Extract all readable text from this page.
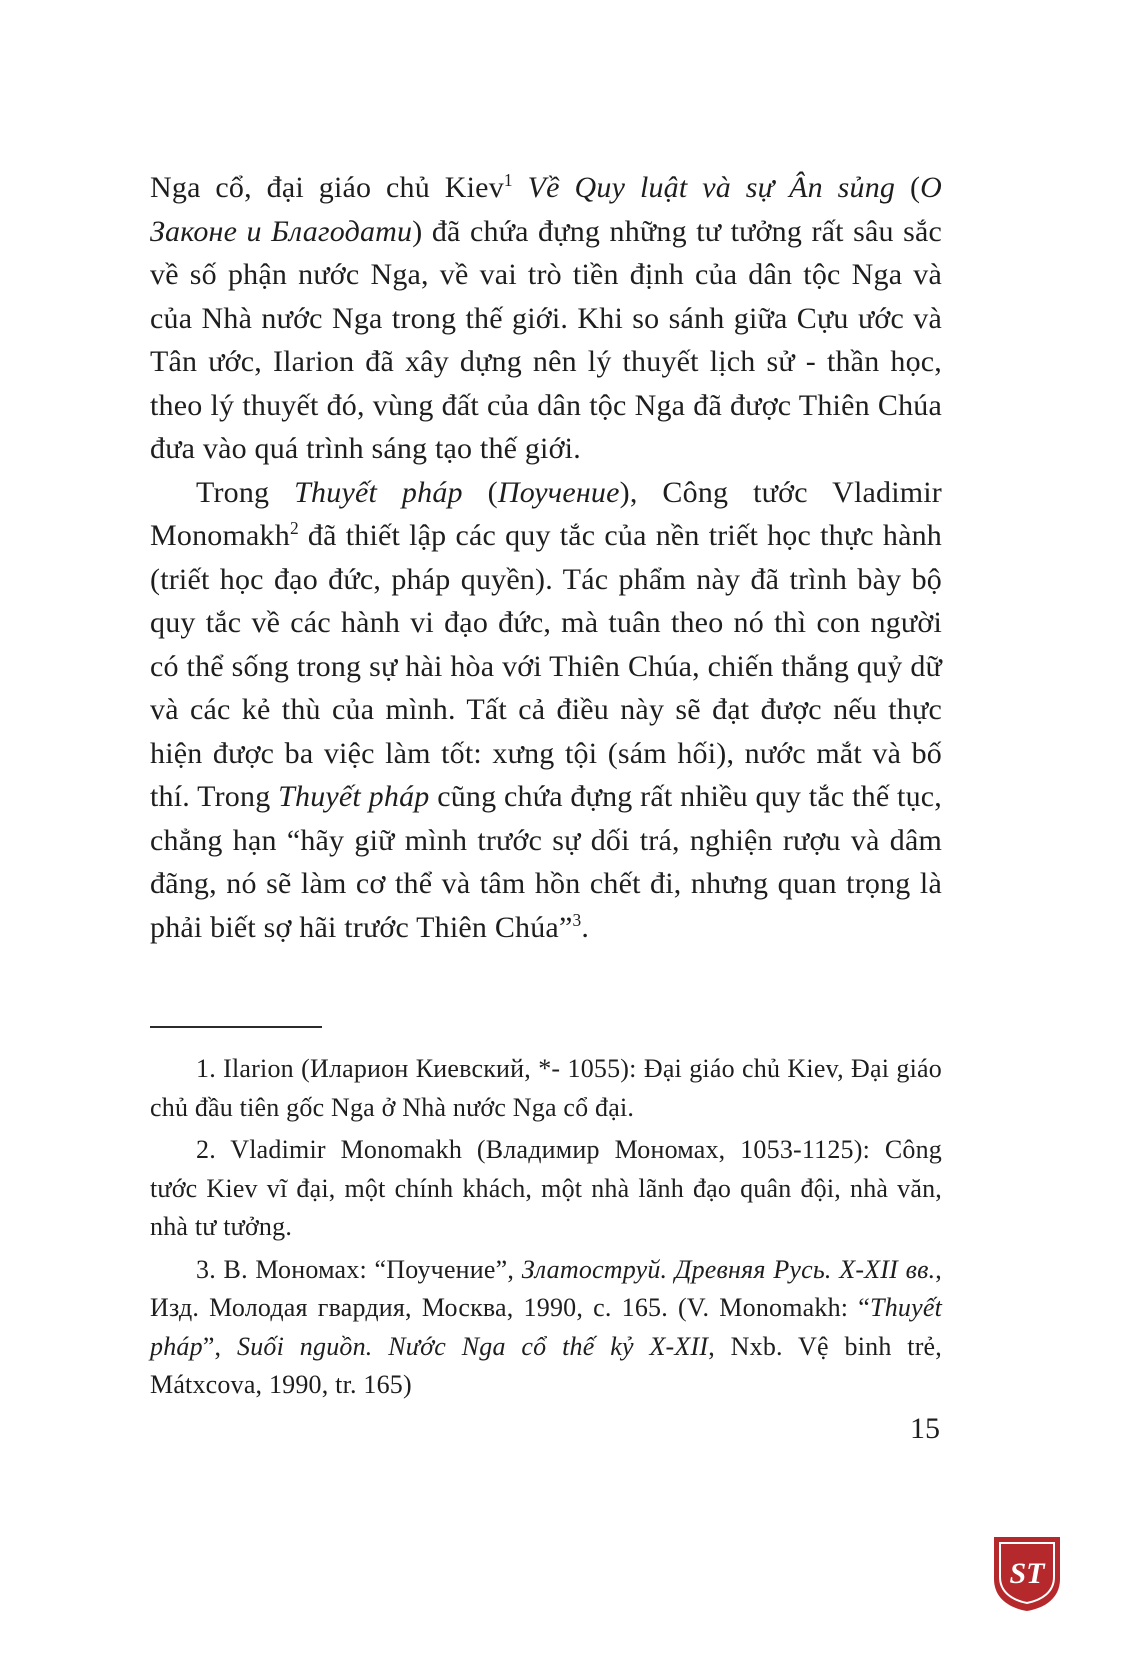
Nga cổ, đại giáo chủ Kiev$^1$ Về Quy luật và sự Ân sủng (О Законе и Благодати) đã chứa đựng những tư tưởng rất sâu sắc về số phận nước Nga, về vai trò tiền định của dân tộc Nga và của Nhà nước Nga trong thế giới. Khi so sánh giữa Cựu ước và Tân ước, Ilarion đã xây dựng nên lý thuyết lịch sử - thần học, theo lý thuyết đó, vùng đất của dân tộc Nga đã được Thiên Chúa đưa vào quá trình sáng tạo thế giới.

Trong Thuyết pháp (Поучение), Công tước Vladimir Monomakh$^2$ đã thiết lập các quy tắc của nền triết học thực hành (triết học đạo đức, pháp quyền). Tác phẩm này đã trình bày bộ quy tắc về các hành vi đạo đức, mà tuân theo nó thì con người có thể sống trong sự hài hòa với Thiên Chúa, chiến thắng quỷ dữ và các kẻ thù của mình. Tất cả điều này sẽ đạt được nếu thực hiện được ba việc làm tốt: xưng tội (sám hối), nước mắt và bố thí. Trong Thuyết pháp cũng chứa đựng rất nhiều quy tắc thế tục, chẳng hạn “hãy giữ mình trước sự dối trá, nghiện rượu và dâm đãng, nó sẽ làm cơ thể và tâm hồn chết đi, nhưng quan trọng là phải biết sợ hãi trước Thiên Chúa”$^3$.

1. Ilarion (Иларион Киевский, *- 1055): Đại giáo chủ Kiev, Đại giáo chủ đầu tiên gốc Nga ở Nhà nước Nga cổ đại.

2. Vladimir Monomakh (Владимир Мономах, 1053-1125): Công tước Kiev vĩ đại, một chính khách, một nhà lãnh đạo quân đội, nhà văn, nhà tư tưởng.

3. В. Мономах: “Поучение”, Златоструй. Древняя Русь. X-XII вв., Изд. Молодая гвардия, Москва, 1990, с. 165. (V. Monomakh: “Thuyết pháp”, Suối nguồn. Nước Nga cổ thế kỷ X-XII, Nxb. Vệ binh trẻ, Mátxcova, 1990, tr. 165)

15
ST
